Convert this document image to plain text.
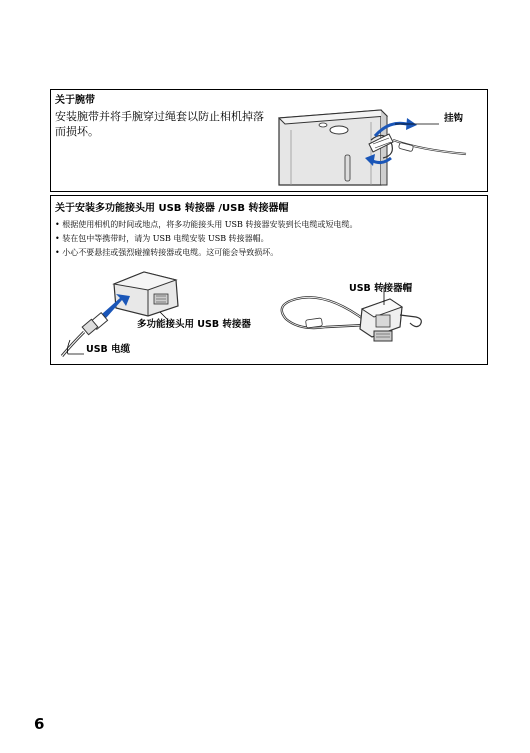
关于腕带
安装腕带并将手腕穿过绳套以防止相机掉落而损坏。
挂钩
关于安装多功能接头用 USB 转接器 /USB 转接器帽
• 根据使用相机的时间或地点，将多功能接头用 USB 转接器安装到长电缆或短电缆。
• 装在包中等携带时，请为 USB 电缆安装 USB 转接器帽。
• 小心不要悬挂或强烈碰撞转接器或电缆。这可能会导致损坏。
多功能接头用 USB 转接器
USB 电缆
USB 转接器帽
6
